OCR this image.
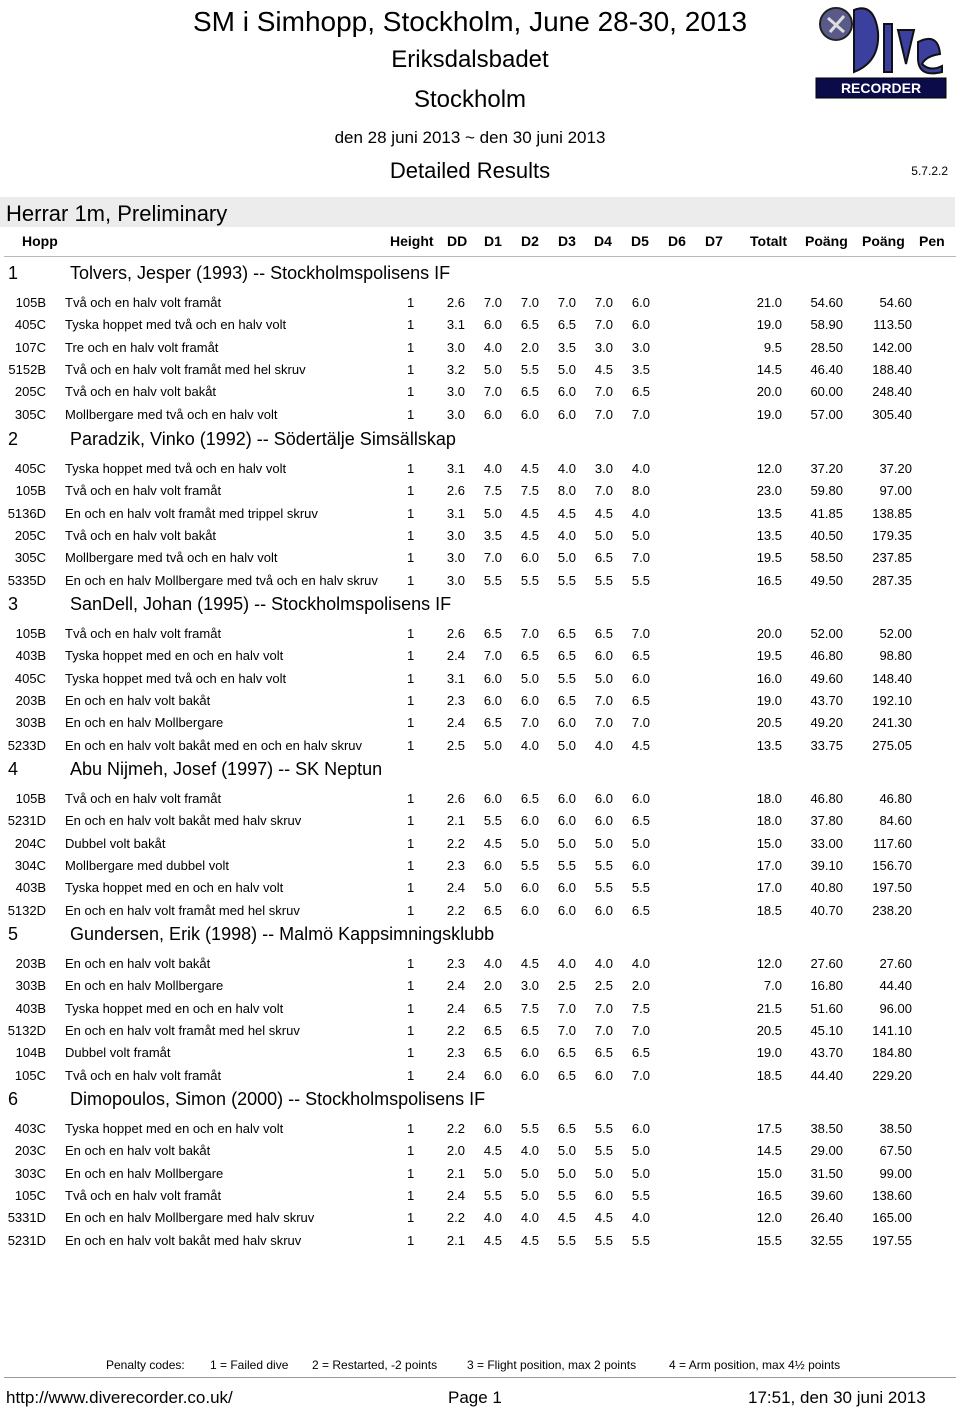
SM i Simhopp, Stockholm, June 28-30, 2013
Eriksdalsbadet
Stockholm
den 28 juni 2013 ~ den 30 juni 2013
Detailed Results	5.7.2.2
RECORDER
Herrar 1m, Preliminary
Hopp	Height DD D1 D2 D3 D4 D5 D6 D7 Totalt Poäng Poäng Pen
1	Tolvers, Jesper (1993) -- Stockholmspolisens IF
105B Två och en halv volt framåt	1	2.6	7.0	7.0	7.0	7.0	6.0	21.0	54.60	54.60
405C Tyska hoppet med två och en halv volt	1	3.1	6.0	6.5	6.5	7.0	6.0	19.0	58.90	113.50
107C Tre och en halv volt framåt	1	3.0	4.0	2.0	3.5	3.0	3.0	9.5	28.50	142.00
5152B Två och en halv volt framåt med hel skruv	1	3.2	5.0	5.5	5.0	4.5	3.5	14.5	46.40	188.40
205C Två och en halv volt bakåt	1	3.0	7.0	6.5	6.0	7.0	6.5	20.0	60.00	248.40
305C Mollbergare med två och en halv volt	1	3.0	6.0	6.0	6.0	7.0	7.0	19.0	57.00	305.40
2	Paradzik, Vinko (1992) -- Södertälje Simsällskap
405C Tyska hoppet med två och en halv volt	1	3.1	4.0	4.5	4.0	3.0	4.0	12.0	37.20	37.20
105B Två och en halv volt framåt	1	2.6	7.5	7.5	8.0	7.0	8.0	23.0	59.80	97.00
5136D En och en halv volt framåt med trippel skruv	1	3.1	5.0	4.5	4.5	4.5	4.0	13.5	41.85	138.85
205C Två och en halv volt bakåt	1	3.0	3.5	4.5	4.0	5.0	5.0	13.5	40.50	179.35
305C Mollbergare med två och en halv volt	1	3.0	7.0	6.0	5.0	6.5	7.0	19.5	58.50	237.85
5335D En och en halv Mollbergare med två och en halv skruv	1	3.0	5.5	5.5	5.5	5.5	5.5	16.5	49.50	287.35
3	SanDell, Johan (1995) -- Stockholmspolisens IF
105B Två och en halv volt framåt	1	2.6	6.5	7.0	6.5	6.5	7.0	20.0	52.00	52.00
403B Tyska hoppet med en och en halv volt	1	2.4	7.0	6.5	6.5	6.0	6.5	19.5	46.80	98.80
405C Tyska hoppet med två och en halv volt	1	3.1	6.0	5.0	5.5	5.0	6.0	16.0	49.60	148.40
203B En och en halv volt bakåt	1	2.3	6.0	6.0	6.5	7.0	6.5	19.0	43.70	192.10
303B En och en halv Mollbergare	1	2.4	6.5	7.0	6.0	7.0	7.0	20.5	49.20	241.30
5233D En och en halv volt bakåt med en och en halv skruv	1	2.5	5.0	4.0	5.0	4.0	4.5	13.5	33.75	275.05
4	Abu Nijmeh, Josef (1997) -- SK Neptun
105B Två och en halv volt framåt	1	2.6	6.0	6.5	6.0	6.0	6.0	18.0	46.80	46.80
5231D En och en halv volt bakåt med halv skruv	1	2.1	5.5	6.0	6.0	6.0	6.5	18.0	37.80	84.60
204C Dubbel volt bakåt	1	2.2	4.5	5.0	5.0	5.0	5.0	15.0	33.00	117.60
304C Mollbergare med dubbel volt	1	2.3	6.0	5.5	5.5	5.5	6.0	17.0	39.10	156.70
403B Tyska hoppet med en och en halv volt	1	2.4	5.0	6.0	6.0	5.5	5.5	17.0	40.80	197.50
5132D En och en halv volt framåt med hel skruv	1	2.2	6.5	6.0	6.0	6.0	6.5	18.5	40.70	238.20
5	Gundersen, Erik (1998) -- Malmö Kappsimningsklubb
203B En och en halv volt bakåt	1	2.3	4.0	4.5	4.0	4.0	4.0	12.0	27.60	27.60
303B En och en halv Mollbergare	1	2.4	2.0	3.0	2.5	2.5	2.0	7.0	16.80	44.40
403B Tyska hoppet med en och en halv volt	1	2.4	6.5	7.5	7.0	7.0	7.5	21.5	51.60	96.00
5132D En och en halv volt framåt med hel skruv	1	2.2	6.5	6.5	7.0	7.0	7.0	20.5	45.10	141.10
104B Dubbel volt framåt	1	2.3	6.5	6.0	6.5	6.5	6.5	19.0	43.70	184.80
105C Två och en halv volt framåt	1	2.4	6.0	6.0	6.5	6.0	7.0	18.5	44.40	229.20
6	Dimopoulos, Simon (2000) -- Stockholmspolisens IF
403C Tyska hoppet med en och en halv volt	1	2.2	6.0	5.5	6.5	5.5	6.0	17.5	38.50	38.50
203C En och en halv volt bakåt	1	2.0	4.5	4.0	5.0	5.5	5.0	14.5	29.00	67.50
303C En och en halv Mollbergare	1	2.1	5.0	5.0	5.0	5.0	5.0	15.0	31.50	99.00
105C Två och en halv volt framåt	1	2.4	5.5	5.0	5.5	6.0	5.5	16.5	39.60	138.60
5331D En och en halv Mollbergare med halv skruv	1	2.2	4.0	4.0	4.5	4.5	4.0	12.0	26.40	165.00
5231D En och en halv volt bakåt med halv skruv	1	2.1	4.5	4.5	5.5	5.5	5.5	15.5	32.55	197.55
Penalty codes: 1 = Failed dive 2 = Restarted, -2 points 3 = Flight position, max 2 points	4 = Arm position, max 4½ points
http://www.diverecorder.co.uk/	Page 1	17:51, den 30 juni 2013
